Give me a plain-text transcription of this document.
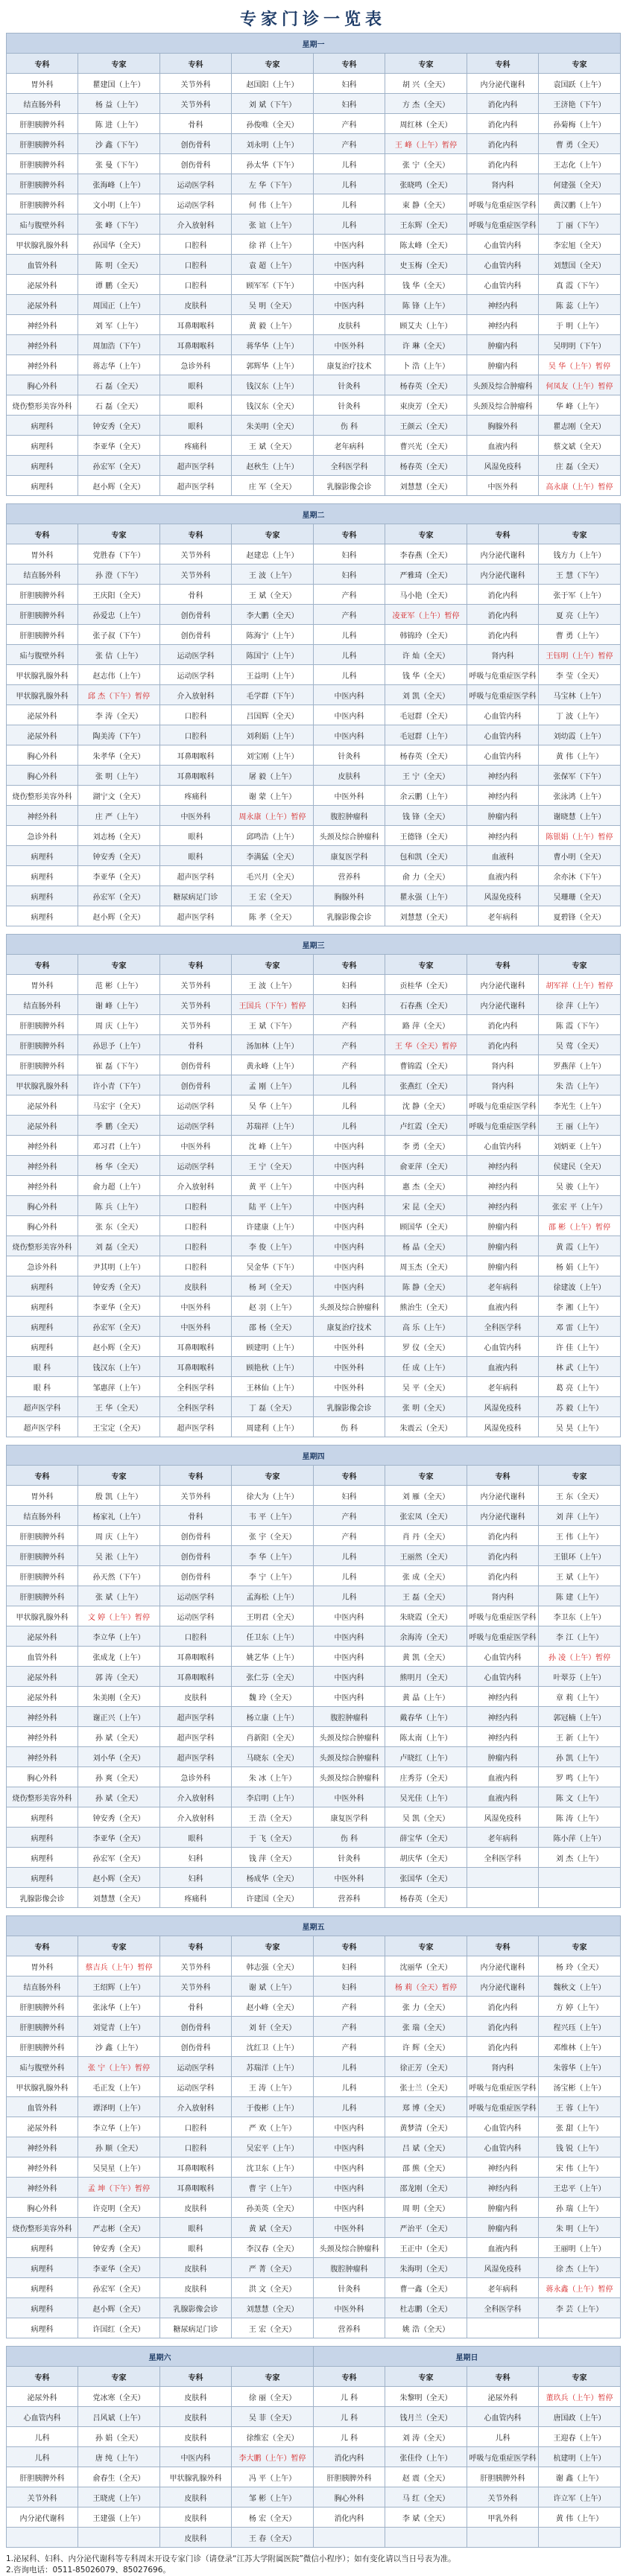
专家门诊一览表
星期一							
专科	专家	专科	专家	专科	专家	专科	专家
胃外科	瞿建国（上午）	关节外科	赵国阳（上午）	妇科	胡 兴（全天）	内分泌代谢科	袁国跃（上午）
结直肠外科	杨 益（上午）	关节外科	刘 斌（下午）	妇科	方 杰（全天）	消化内科	王济艳（下午）
肝胆胰脾外科	陈 进（上午）	骨科	孙俊唯（全天）	产科	周红林（全天）	消化内科	孙菊梅（上午）
肝胆胰脾外科	沙 鑫（下午）	创伤骨科	刘永明（上午）	产科	王 峰（上午）暂停	消化内科	曹 勇（全天）
肝胆胰脾外科	张 曼（下午）	创伤骨科	孙太华（下午）	儿科	张 宁（全天）	消化内科	王志化（上午）
肝胆胰脾外科	张海峰（上午）	运动医学科	左 华（下午）	儿科	张晓鸣（全天）	肾内科	何建强（全天）
肝胆胰脾外科	文小明（上午）	运动医学科	何 伟（上午）	儿科	束 静（全天）	呼吸与危重症医学科	黄汉鹏（上午）
疝与腹壁外科	张 峰（下午）	介入放射科	张 谊（上午）	儿科	王东辉（全天）	呼吸与危重症医学科	丁 丽（下午）
甲状腺乳腺外科	孙国华（全天）	口腔科	徐 祥（上午）	中医内科	陈太峰（全天）	心血管内科	李宏旭（全天）
血管外科	陈 明（全天）	口腔科	袁 超（上午）	中医内科	史玉梅（全天）	心血管内科	刘慧国（全天）
泌尿外科	谭 鹏（全天）	口腔科	顾军军（下午）	中医内科	钱 华（全天）	心血管内科	真 霞（下午）
泌尿外科	周国正（上午）	皮肤科	吴 明（全天）	中医内科	陈 锋（上午）	神经内科	陈 蕊（上午）
神经外科	刘 军（上午）	耳鼻咽喉科	黄 毅（上午）	皮肤科	顾艾夫（上午）	神经内科	于 明（上午）
神经外科	周加浩（下午）	耳鼻咽喉科	蒋华华（上午）	中医外科	许 琳（全天）	肿瘤内科	吴明明（下午）
神经外科	蒋志华（上午）	急诊外科	郭辉华（上午）	康复治疗技术	卜 浩（上午）	肿瘤内科	吴 华（上午）暂停
胸心外科	石 磊（全天）	眼科	钱汉东（上午）	针灸科	杨春英（全天）	头颈及综合肿瘤科	何凤友（上午）暂停
烧伤整形美容外科	石 磊（全天）	眼科	钱汉东（全天）	针灸科	束庚芳（全天）	头颈及综合肿瘤科	华 峰（上午）
病理科	钟安秀（全天）	眼科	朱美明（全天）	伤 科	王颜云（全天）	胸腺外科	瞿志刚（全天）
病理科	李亚华（全天）	疼痛科	王 斌（全天）	老年病科	曹兴光（全天）	血液内科	蔡文斌（全天）
病理科	孙宏军（全天）	超声医学科	赵秋生（上午）	全科医学科	杨春英（全天）	风湿免疫科	庄 磊（全天）
病理科	赵小辉（全天）	超声医学科	庄 军（全天）	乳腺影像会诊	刘慧慧（全天）	中医外科	高永康（上午）暂停
星期二							
专科	专家	专科	专家	专科	专家	专科	专家
胃外科	党胜春（下午）	关节外科	赵建忠（上午）	妇科	李春燕（全天）	内分泌代谢科	钱方力（上午）
结直肠外科	孙 澄（下午）	关节外科	王 波（上午）	妇科	严雅琦（全天）	内分泌代谢科	王 慧（下午）
肝胆胰脾外科	王庆阳（全天）	骨科	王 斌（全天）	产科	马小艳（全天）	消化内科	张于军（上午）
肝胆胰脾外科	孙爱忠（上午）	创伤骨科	李大鹏（全天）	产科	凌亚军（上午）暂停	消化内科	夏 亮（上午）
肝胆胰脾外科	张子叔（下午）	创伤骨科	陈海宁（上午）	儿科	韩锦玲（全天）	消化内科	曹 勇（上午）
疝与腹壁外科	张 佶（上午）	运动医学科	陈国宁（上午）	儿科	许 灿（全天）	肾内科	王钰明（上午）暂停
甲状腺乳腺外科	赵志伟（上午）	运动医学科	王益明（上午）	儿科	钱 华（全天）	呼吸与危重症医学科	李 莹（全天）
甲状腺乳腺外科	邱 杰（下午）暂停	介入放射科	毛学群（下午）	中医内科	刘 凯（全天）	呼吸与危重症医学科	马宝林（上午）
泌尿外科	李 涛（全天）	口腔科	吕国辉（全天）	中医内科	毛冠群（全天）	心血管内科	丁 波（上午）
泌尿外科	陶美涛（下午）	口腔科	刘利娟（上午）	中医内科	毛冠群（上午）	心血管内科	刘幼霞（上午）
胸心外科	朱孝华（全天）	耳鼻咽喉科	刘宝刚（上午）	针灸科	杨春英（全天）	心血管内科	黄 伟（上午）
胸心外科	张 明（上午）	耳鼻咽喉科	屠 毅（上午）	皮肤科	王 宁（全天）	神经内科	张保军（下午）
烧伤整形美容外科	湖宁文（全天）	疼痛科	谢 蒙（上午）	中医外科	余云鹏（上午）	神经内科	张泳鸿（上午）
神经外科	庄 严（上午）	中医外科	周永康（上午）暂停	腹腔肿瘤科	钱 锋（全天）	肿瘤内科	谢晓慧（上午）
急诊外科	刘志杨（全天）	眼科	邱鸣浩（上午）	头颈及综合肿瘤科	王德锋（全天）	神经内科	陈银娟（上午）暂停
病理科	钟安秀（全天）	眼科	李满猛（全天）	康复医学科	包和凯（全天）	血液科	曹小明（全天）
病理科	李亚华（全天）	超声医学科	毛兴月（全天）	营养科	俞 力（全天）	血液内科	余亦沐（下午）
病理科	孙宏军（全天）	糖尿病足门诊	王 宏（全天）	胸腺外科	瞿永强（上午）	风湿免疫科	吴珊珊（全天）
病理科	赵小辉（全天）	超声医学科	陈 孝（全天）	乳腺影像会诊	刘慧慧（全天）	老年病科	夏碧锋（全天）
星期三							
专科	专家	专科	专家	专科	专家	专科	专家
胃外科	范 彬（上午）	关节外科	王 波（上午）	妇科	贡桂华（全天）	内分泌代谢科	胡军祥（上午）暂停
结直肠外科	谢 峰（上午）	关节外科	王国兵（下午）暂停	妇科	石春燕（全天）	内分泌代谢科	徐 萍（上午）
肝胆胰脾外科	周 庆（上午）	关节外科	王 斌（下午）	产科	路 萍（全天）	消化内科	陈 霞（下午）
肝胆胰脾外科	孙思予（上午）	骨科	汤加林（上午）	产科	王 华（全天）暂停	消化内科	吴 莺（全天）
肝胆胰脾外科	崔 磊（下午）	创伤骨科	黄永峰（上午）	产科	曹锦霞（全天）	肾内科	罗燕萍（上午）
甲状腺乳腺外科	许小青（下午）	创伤骨科	孟 刚（上午）	儿科	张燕红（全天）	肾内科	朱 浩（上午）
泌尿外科	马宏宇（全天）	运动医学科	吴 华（上午）	儿科	沈 静（全天）	呼吸与危重症医学科	李光生（上午）
泌尿外科	季 鹏（全天）	运动医学科	苏瑞祥（上午）	儿科	卢红霞（全天）	呼吸与危重症医学科	王 丽（上午）
神经外科	邓习君（上午）	中医外科	沈 峰（上午）	中医内科	李 勇（全天）	心血管内科	刘炳亚（上午）
神经外科	杨 华（全天）	运动医学科	王 宁（全天）	中医内科	俞亚萍（全天）	神经内科	侯建民（全天）
神经外科	俞力超（上午）	介入放射科	黄 平（上午）	中医内科	惠 杰（全天）	神经内科	吴 骏（上午）
胸心外科	陈 兵（上午）	口腔科	陆 平（上午）	中医内科	宋 昆（全天）	神经内科	张宏 平（上午）
胸心外科	张 东（全天）	口腔科	许建康（上午）	中医内科	顾国华（全天）	肿瘤内科	邵 彬（上午）暂停
烧伤整形美容外科	刘 磊（全天）	口腔科	李 俊（上午）	中医内科	杨 晶（全天）	肿瘤内科	黄 霞（上午）
急诊外科	尹其明（上午）	口腔科	吴金华（下午）	中医内科	周玉杰（全天）	肿瘤内科	杨 娟（上午）
病理科	钟安秀（全天）	皮肤科	杨 珂（全天）	中医内科	陈 静（全天）	老年病科	徐建波（上午）
病理科	李亚华（全天）	中医外科	赵 羽（上午）	头颈及综合肿瘤科	熊治生（全天）	血液内科	李 湘（上午）
病理科	孙宏军（全天）	中医外科	邵 杨（全天）	康复治疗技术	高 乐（上午）	全科医学科	邓 雷（上午）
病理科	赵小辉（全天）	耳鼻咽喉科	顾建明（上午）	中医外科	罗 仪（全天）	心血管内科	许 佳（上午）
眼 科	钱汉东（上午）	耳鼻咽喉科	顾艳秋（上午）	中医外科	任 成（上午）	血液内科	林 武（上午）
眼 科	邹惠萍（上午）	全科医学科	王林仙（上午）	中医外科	吴 平（全天）	老年病科	葛 亮（上午）
超声医学科	王 华（全天）	全科医学科	丁 磊（全天）	乳腺影像会诊	张 明（全天）	风湿免疫科	苏 毅（上午）
超声医学科	王宝定（全天）	超声医学科	周建利（上午）	伤 科	朱震云（全天）	风湿免疫科	吴 昊（上午）
星期四							
专科	专家	专科	专家	专科	专家	专科	专家
胃外科	殷 凯（上午）	关节外科	徐大为（上午）	妇科	刘 雁（全天）	内分泌代谢科	王 东（全天）
结直肠外科	杨家礼（上午）	骨科	韦 平（上午）	产科	张宏凤（全天）	内分泌代谢科	刘 萍（上午）
肝胆胰脾外科	周 庆（上午）	创伤骨科	张 宇（全天）	产科	肖 丹（全天）	消化内科	王 伟（上午）
肝胆胰脾外科	吴 淞（上午）	创伤骨科	李 华（上午）	儿科	王丽然（全天）	消化内科	王银环（上午）
肝胆胰脾外科	孙天然（下午）	创伤骨科	李 宁（上午）	儿科	张 成（全天）	消化内科	王 斌（上午）
肝胆胰脾外科	张 斌（上午）	运动医学科	孟海松（上午）	儿科	王 磊（全天）	肾内科	陈 建（上午）
甲状腺乳腺外科	文 婷（上午）暂停	运动医学科	王明君（全天）	中医内科	朱晓霞（全天）	呼吸与危重症医学科	李卫东（上午）
泌尿外科	李立华（上午）	口腔科	任卫东（上午）	中医内科	余海涛（全天）	呼吸与危重症医学科	李 江（上午）
血管外科	张成龙（上午）	耳鼻咽喉科	姚艺华（上午）	中医内科	黄 凯（全天）	心血管内科	孙 凌（上午）暂停
泌尿外科	郭 涛（全天）	耳鼻咽喉科	张仁芬（全天）	中医内科	熊明月（全天）	心血管内科	叶翠芬（上午）
泌尿外科	朱美刚（全天）	皮肤科	魏 玲（全天）	中医内科	黄 晶（上午）	神经内科	章 莉（上午）
神经外科	谢正兴（上午）	超声医学科	杨立康（上午）	腹腔肿瘤科	戴春华（上午）	神经内科	郭冠楠（上午）
神经外科	孙 斌（全天）	超声医学科	肖新阳（全天）	头颈及综合肿瘤科	陈太南（上午）	神经内科	王 新（上午）
神经外科	刘小华（全天）	超声医学科	马晓东（全天）	头颈及综合肿瘤科	卢晓红（上午）	肿瘤内科	孙 凯（上午）
胸心外科	孙 爽（全天）	急诊外科	朱 冰（上午）	头颈及综合肿瘤科	庄秀芬（全天）	血液内科	罗 鸣（上午）
烧伤整形美容外科	孙 斌（全天）	介入放射科	李启明（上午）	中医外科	吴光佳（上午）	血液内科	陈 文（上午）
病理科	钟安秀（全天）	介入放射科	王 浩（全天）	康复医学科	吴 凯（全天）	风湿免疫科	陈 涛（上午）
病理科	李亚华（全天）	眼科	于 飞（全天）	伤 科	薛宝华（全天）	老年病科	陈小萍（上午）
病理科	孙宏军（全天）	妇科	钱 萍（全天）	针灸科	胡庆华（全天）	全科医学科	刘 杰（上午）
病理科	赵小辉（全天）	妇科	杨成华（全天）	中医外科	张国华（全天）		
乳腺影像会诊	刘慧慧（全天）	疼痛科	许建国（全天）	营养科	杨春英（全天）		
星期五							
专科	专家	专科	专家	专科	专家	专科	专家
胃外科	蔡吉兵（上午）暂停	关节外科	韩志强（全天）	妇科	沈丽华（全天）	内分泌代谢科	杨 玲（全天）
结直肠外科	王绍辉（上午）	关节外科	谢 斌（上午）	妇科	杨 莉（全天）暂停	内分泌代谢科	魏秋文（上午）
肝胆胰脾外科	张泳华（上午）	骨科	赵小峰（全天）	产科	张 力（全天）	消化内科	方 婷（上午）
肝胆胰脾外科	刘觉青（上午）	创伤骨科	刘 轩（全天）	产科	张 瑞（全天）	消化内科	程兴珏（上午）
肝胆胰脾外科	沙 鑫（上午）	创伤骨科	沈红卫（上午）	产科	许 辉（全天）	消化内科	邓维林（上午）
疝与腹壁外科	张 宁（上午）暂停	运动医学科	苏瑞洋（上午）	儿科	徐正芳（全天）	肾内科	朱蓉华（上午）
甲状腺乳腺外科	毛正发（上午）	运动医学科	王 涛（上午）	儿科	张士兰（全天）	呼吸与危重症医学科	汤宝彬（上午）
血管外科	谭泽明（上午）	介入放射科	于俊彬（上午）	儿科	郑 博（全天）	呼吸与危重症医学科	王 蓉（上午）
泌尿外科	李立华（上午）	口腔科	严 欢（上午）	中医内科	黄梦清（全天）	心血管内科	张 甜（上午）
神经外科	孙 顺（全天）	口腔科	吴宏平（上午）	中医内科	吕 斌（全天）	心血管内科	钱 锐（上午）
神经外科	吴昊星（上午）	耳鼻咽喉科	沈卫东（上午）	中医内科	邵 熊（全天）	神经内科	宋 伟（上午）
神经外科	孟 坤（下午）暂停	耳鼻咽喉科	曹 宇（上午）	中医内科	邵龙刚（全天）	神经内科	王忠平（上午）
胸心外科	许克明（全天）	皮肤科	孙美英（全天）	中医内科	周 明（全天）	肿瘤内科	孙 瑞（上午）
烧伤整形美容外科	严志彬（全天）	眼科	黄 斌（全天）	中医外科	严治平（全天）	肿瘤内科	朱 明（上午）
病理科	钟安秀（全天）	眼科	李汉春（全天）	头颈及综合肿瘤科	王正中（全天）	血液内科	王丽明（上午）
病理科	李亚华（全天）	皮肤科	严 菁（全天）	腹腔肿瘤科	朱海明（全天）	风湿免疫科	徐 杰（上午）
病理科	孙宏军（全天）	皮肤科	洪 文（全天）	针灸科	曹一鑫（全天）	老年病科	蒋永鑫（上午）暂停
病理科	赵小辉（全天）	乳腺影像会诊	刘慧慧（全天）	中医外科	杜志鹏（全天）	全科医学科	李 芸（上午）
病理科	许国红（全天）	糖尿病足门诊	王 宏（全天）	营养科	姚 浩（全天）		
星期六				星期日			
专科	专家	专科	专家	专科	专家	专科	专家
泌尿外科	党冰寒（全天）	皮肤科	徐 丽（全天）	儿 科	朱黎明（全天）	泌尿外科	董玖兵（上午）暂停
心血管内科	吕风斌（上午）	皮肤科	吴 菲（全天）	儿 科	钱月兰（全天）	心血管内科	唐国政（上午）
儿科	孙 娟（全天）	皮肤科	徐维宏（全天）	儿 科	刘 涛（全天）	儿科	王迎春（上午）
儿科	唐 纯（上午）	中医内科	李大鹏（上午）暂停	消化内科	张佳伶（上午）	呼吸与危重症医学科	杭建明（上午）
肝胆胰脾外科	俞春生（全天）	甲状腺乳腺外科	冯 平（上午）	肝胆胰脾外科	赵 震（全天）	肝胆胰脾外科	谢 鑫（上午）
关节外科	王晓虎（上午）	皮肤科	邹 彬（上午）	胸心外科	马 红（全天）	关节外科	许立军（上午）
内分泌代谢科	王建强（上午）	皮肤科	杨 宏（全天）	消化内科	李 斌（全天）	甲乳外科	黄 伟（上午）
		皮肤科	王 春（全天）				
1.泌尿科、妇科、内分泌代谢科等专科周末开设专家门诊（请登录“江苏大学附属医院”微信小程序）；如有变化请以当日号表为准。
2.咨询电话：0511-85026079、85027696。
